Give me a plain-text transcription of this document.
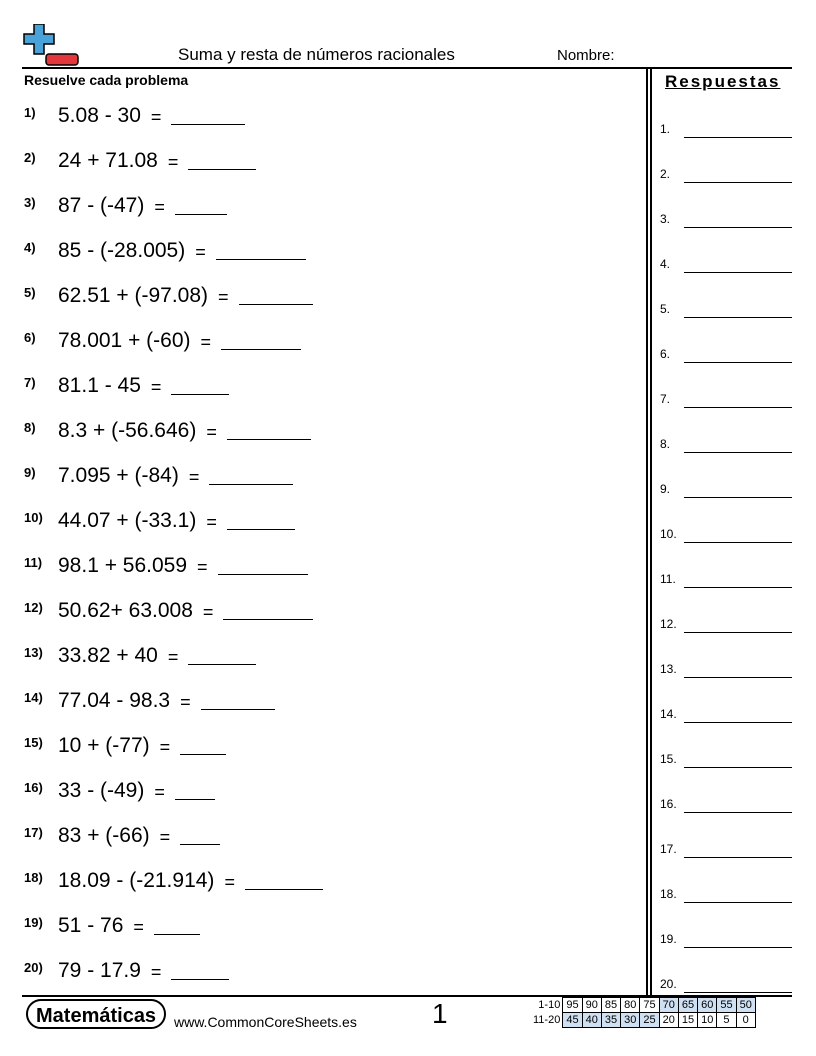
Suma y resta de números racionales	Nombre:
Resuelve cada problema	Respuestas
1)	5.08 - 30 =
2)	24 + 71.08 =
3)	87 - (-47) =
4)	85 - (-28.005) =
5)	62.51 + (-97.08) =
6)	78.001 + (-60) =
7)	81.1 - 45 =
8)	8.3 + (-56.646) =
9)	7.095 + (-84) =
10) 44.07 + (-33.1) =
11) 98.1 + 56.059 =
12) 50.62+ 63.008 =
13) 33.82 + 40 =
14) 77.04 - 98.3 =
15) 10 + (-77) =
16) 33 - (-49) =
17) 83 + (-66) =
18) 18.09 - (-21.914) =
19) 51 - 76 =
20) 79 - 17.9 =
1.
2.
3.
4.
5.
6.
7.
8.
9.
10.
11.
12.
13.
14.
15.
16.
17.
18.
19.
20.
Matemáticas	www.CommonCoreSheets.es	1	1-10	95	90	85	80	75	70	65	60	55	50
11-20	45	40	35	30	25	20	15	10	5	0
